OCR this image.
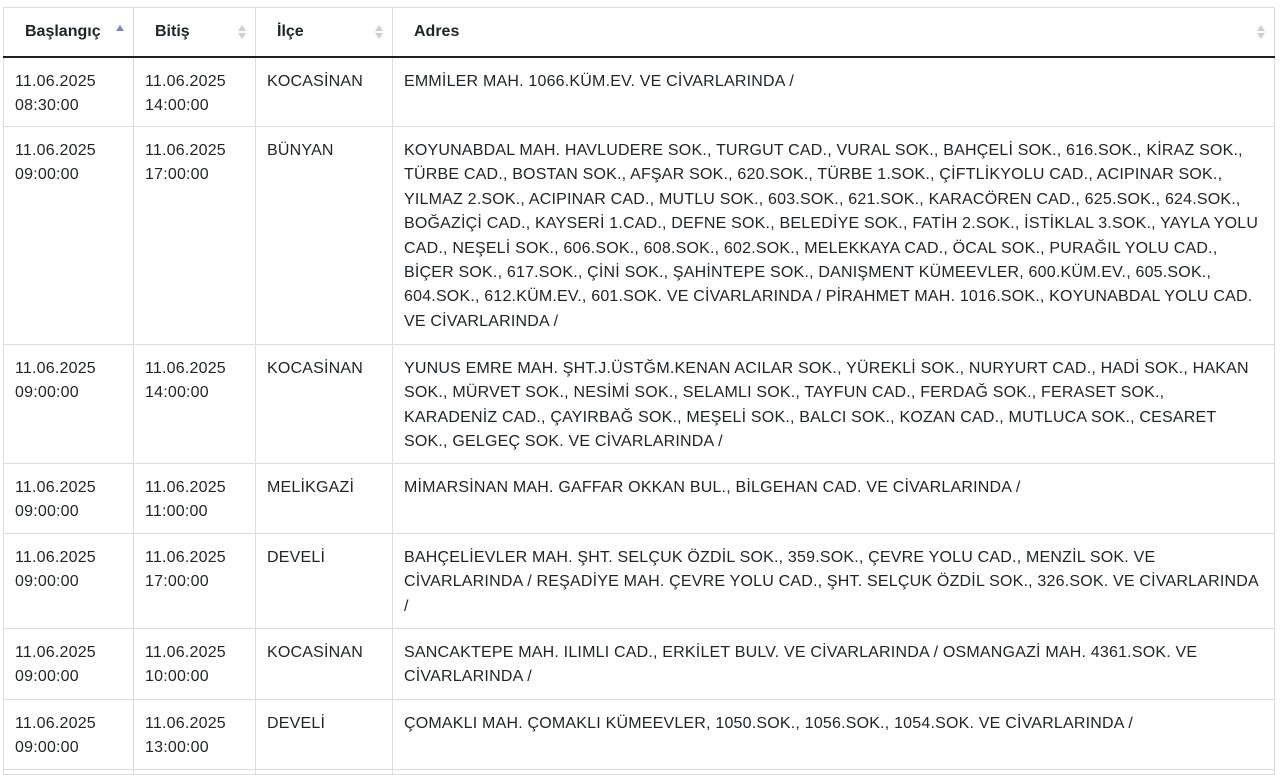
Başlangıç	Bitiş	İlçe	Adres

11.06.2025 08:30:00	11.06.2025 14:00:00	KOCASİNAN	EMMİLER MAH. 1066.KÜM.EV. VE CİVARLARINDA /
11.06.2025 09:00:00	11.06.2025 17:00:00	BÜNYAN	KOYUNABDAL MAH. HAVLUDERE SOK., TURGUT CAD., VURAL SOK., BAHÇELİ SOK., 616.SOK., KİRAZ SOK., TÜRBE CAD., BOSTAN SOK., AFŞAR SOK., 620.SOK., TÜRBE 1.SOK., ÇİFTLİKYOLU CAD., ACIPINAR SOK., YILMAZ 2.SOK., ACIPINAR CAD., MUTLU SOK., 603.SOK., 621.SOK., KARACÖREN CAD., 625.SOK., 624.SOK., BOĞAZİÇİ CAD., KAYSERİ 1.CAD., DEFNE SOK., BELEDİYE SOK., FATİH 2.SOK., İSTİKLAL 3.SOK., YAYLA YOLU CAD., NEŞELİ SOK., 606.SOK., 608.SOK., 602.SOK., MELEKKAYA CAD., ÖCAL SOK., PURAĞIL YOLU CAD., BİÇER SOK., 617.SOK., ÇİNİ SOK., ŞAHİNTEPE SOK., DANIŞMENT KÜMEEVLER, 600.KÜM.EV., 605.SOK., 604.SOK., 612.KÜM.EV., 601.SOK. VE CİVARLARINDA / PİRAHMET MAH. 1016.SOK., KOYUNABDAL YOLU CAD. VE CİVARLARINDA /
11.06.2025 09:00:00	11.06.2025 14:00:00	KOCASİNAN	YUNUS EMRE MAH. ŞHT.J.ÜSTĞM.KENAN ACILAR SOK., YÜREKLİ SOK., NURYURT CAD., HADİ SOK., HAKAN SOK., MÜRVET SOK., NESİMİ SOK., SELAMLI SOK., TAYFUN CAD., FERDAĞ SOK., FERASET SOK., KARADENİZ CAD., ÇAYIRBAĞ SOK., MEŞELİ SOK., BALCI SOK., KOZAN CAD., MUTLUCA SOK., CESARET SOK., GELGEÇ SOK. VE CİVARLARINDA /
11.06.2025 09:00:00	11.06.2025 11:00:00	MELİKGAZİ	MİMARSİNAN MAH. GAFFAR OKKAN BUL., BİLGEHAN CAD. VE CİVARLARINDA /
11.06.2025 09:00:00	11.06.2025 17:00:00	DEVELİ	BAHÇELİEVLER MAH. ŞHT. SELÇUK ÖZDİL SOK., 359.SOK., ÇEVRE YOLU CAD., MENZİL SOK. VE CİVARLARINDA / REŞADİYE MAH. ÇEVRE YOLU CAD., ŞHT. SELÇUK ÖZDİL SOK., 326.SOK. VE CİVARLARINDA /
11.06.2025 09:00:00	11.06.2025 10:00:00	KOCASİNAN	SANCAKTEPE MAH. ILIMLI CAD., ERKİLET BULV. VE CİVARLARINDA / OSMANGAZİ MAH. 4361.SOK. VE CİVARLARINDA /
11.06.2025 09:00:00	11.06.2025 13:00:00	DEVELİ	ÇOMAKLI MAH. ÇOMAKLI KÜMEEVLER, 1050.SOK., 1056.SOK., 1054.SOK. VE CİVARLARINDA /
